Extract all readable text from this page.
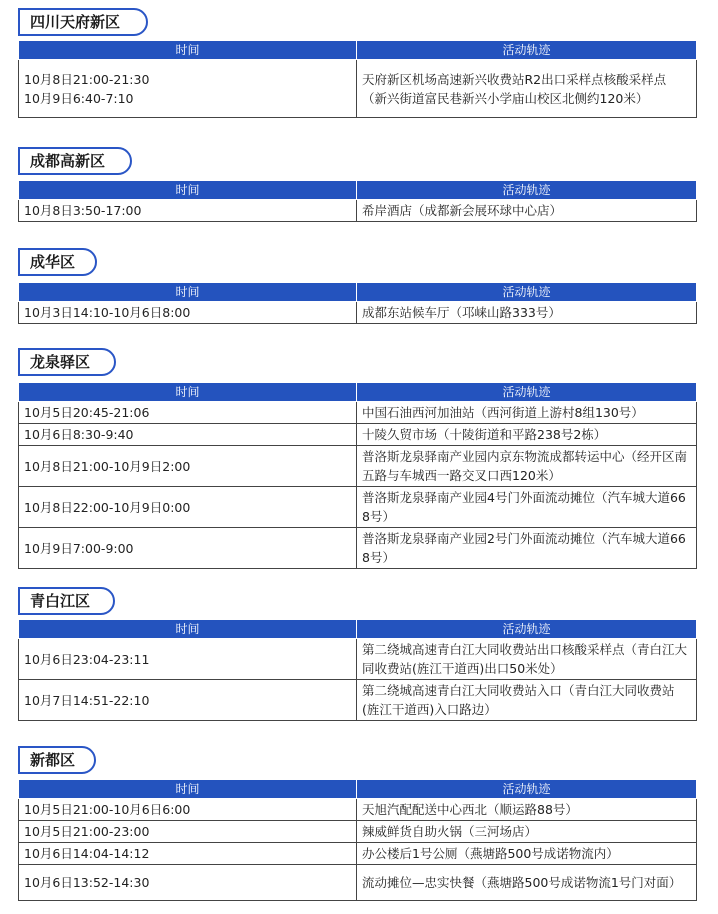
四川天府新区
时间	活动轨迹

10月8日21:00-21:30
10月9日6:40-7:10	天府新区机场高速新兴收费站R2出口采样点核酸采样点（新兴街道富民巷新兴小学庙山校区北侧约120米）
成都高新区
时间	活动轨迹

10月8日3:50-17:00	希岸酒店（成都新会展环球中心店）
成华区
时间	活动轨迹

10月3日14:10-10月6日8:00	成都东站候车厅（邛崃山路333号）
龙泉驿区
时间	活动轨迹

10月5日20:45-21:06	中国石油西河加油站（西河街道上游村8组130号）

10月6日8:30-9:40	十陵久贸市场（十陵街道和平路238号2栋）

10月8日21:00-10月9日2:00	普洛斯龙泉驿南产业园内京东物流成都转运中心（经开区南五路与车城西一路交叉口西120米）

10月8日22:00-10月9日0:00	普洛斯龙泉驿南产业园4号门外面流动摊位（汽车城大道668号）

10月9日7:00-9:00	普洛斯龙泉驿南产业园2号门外面流动摊位（汽车城大道668号）
青白江区
时间	活动轨迹

10月6日23:04-23:11	第二绕城高速青白江大同收费站出口核酸采样点（青白江大同收费站(旌江干道西)出口50米处）

10月7日14:51-22:10	第二绕城高速青白江大同收费站入口（青白江大同收费站(旌江干道西)入口路边）
新都区
时间	活动轨迹

10月5日21:00-10月6日6:00	天旭汽配配送中心西北（顺运路88号）

10月5日21:00-23:00	辣威鲜货自助火锅（三河场店）

10月6日14:04-14:12	办公楼后1号公厕（燕塘路500号成诺物流内）

10月6日13:52-14:30	流动摊位—忠实快餐（燕塘路500号成诺物流1号门对面）
